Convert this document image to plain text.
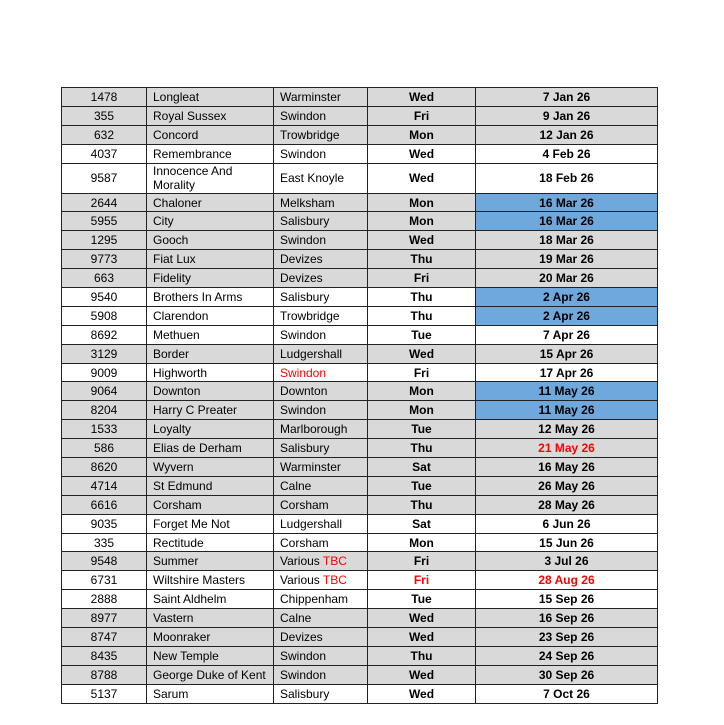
1478	Longleat	Warminster	Wed	7 Jan 26
355	Royal Sussex	Swindon	Fri	9 Jan 26
632	Concord	Trowbridge	Mon	12 Jan 26
4037	Remembrance	Swindon	Wed	4 Feb 26
9587	Innocence And Morality	East Knoyle	Wed	18 Feb 26
2644	Chaloner	Melksham	Mon	16 Mar 26
5955	City	Salisbury	Mon	16 Mar 26
1295	Gooch	Swindon	Wed	18 Mar 26
9773	Fiat Lux	Devizes	Thu	19 Mar 26
663	Fidelity	Devizes	Fri	20 Mar 26
9540	Brothers In Arms	Salisbury	Thu	2 Apr 26
5908	Clarendon	Trowbridge	Thu	2 Apr 26
8692	Methuen	Swindon	Tue	7 Apr 26
3129	Border	Ludgershall	Wed	15 Apr 26
9009	Highworth	Swindon	Fri	17 Apr 26
9064	Downton	Downton	Mon	11 May 26
8204	Harry C Preater	Swindon	Mon	11 May 26
1533	Loyalty	Marlborough	Tue	12 May 26
586	Elias de Derham	Salisbury	Thu	21 May 26
8620	Wyvern	Warminster	Sat	16 May 26
4714	St Edmund	Calne	Tue	26 May 26
6616	Corsham	Corsham	Thu	28 May 26
9035	Forget Me Not	Ludgershall	Sat	6 Jun 26
335	Rectitude	Corsham	Mon	15 Jun 26
9548	Summer	Various TBC	Fri	3 Jul 26
6731	Wiltshire Masters	Various TBC	Fri	28 Aug 26
2888	Saint Aldhelm	Chippenham	Tue	15 Sep 26
8977	Vastern	Calne	Wed	16 Sep 26
8747	Moonraker	Devizes	Wed	23 Sep 26
8435	New Temple	Swindon	Thu	24 Sep 26
8788	George Duke of Kent	Swindon	Wed	30 Sep 26
5137	Sarum	Salisbury	Wed	7 Oct 26
